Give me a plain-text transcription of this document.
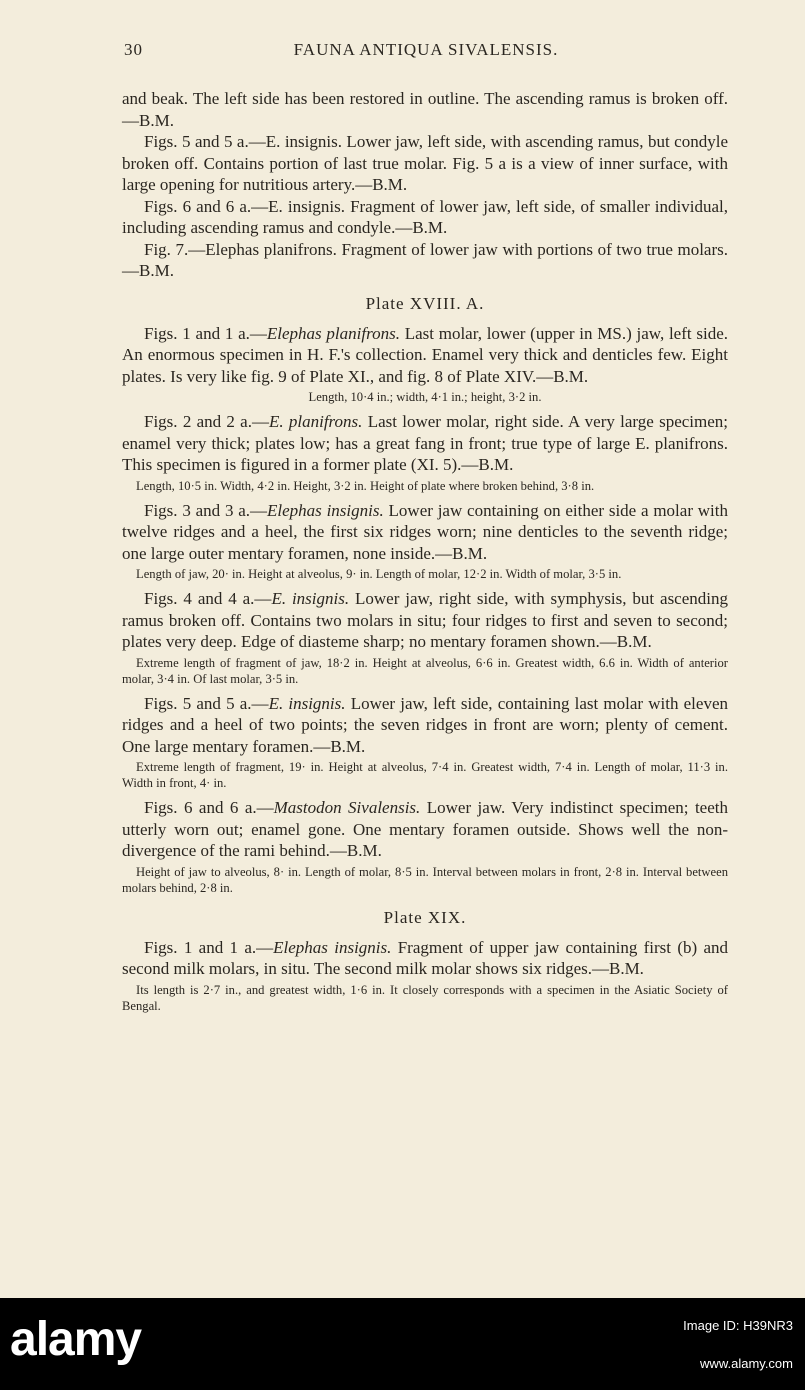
30	FAUNA ANTIQUA SIVALENSIS.

and beak. The left side has been restored in outline. The ascending ramus is broken off.—B.M.

Figs. 5 and 5 a.—E. insignis. Lower jaw, left side, with ascending ramus, but condyle broken off. Contains portion of last true molar. Fig. 5 a is a view of inner surface, with large opening for nutritious artery.—B.M.

Figs. 6 and 6 a.—E. insignis. Fragment of lower jaw, left side, of smaller individual, including ascending ramus and condyle.—B.M.

Fig. 7.—Elephas planifrons. Fragment of lower jaw with portions of two true molars.—B.M.

Plate XVIII. A.

Figs. 1 and 1 a.—Elephas planifrons. Last molar, lower (upper in MS.) jaw, left side. An enormous specimen in H. F.'s collection. Enamel very thick and denticles few. Eight plates. Is very like fig. 9 of Plate XI., and fig. 8 of Plate XIV.—B.M.

Length, 10·4 in.; width, 4·1 in.; height, 3·2 in.

Figs. 2 and 2 a.—E. planifrons. Last lower molar, right side. A very large specimen; enamel very thick; plates low; has a great fang in front; true type of large E. planifrons. This specimen is figured in a former plate (XI. 5).—B.M.

Length, 10·5 in. Width, 4·2 in. Height, 3·2 in. Height of plate where broken behind, 3·8 in.

Figs. 3 and 3 a.—Elephas insignis. Lower jaw containing on either side a molar with twelve ridges and a heel, the first six ridges worn; nine denticles to the seventh ridge; one large outer mentary foramen, none inside.—B.M.

Length of jaw, 20· in. Height at alveolus, 9· in. Length of molar, 12·2 in. Width of molar, 3·5 in.

Figs. 4 and 4 a.—E. insignis. Lower jaw, right side, with symphysis, but ascending ramus broken off. Contains two molars in situ; four ridges to first and seven to second; plates very deep. Edge of diasteme sharp; no mentary foramen shown.—B.M.

Extreme length of fragment of jaw, 18·2 in. Height at alveolus, 6·6 in. Greatest width, 6.6 in. Width of anterior molar, 3·4 in. Of last molar, 3·5 in.

Figs. 5 and 5 a.—E. insignis. Lower jaw, left side, containing last molar with eleven ridges and a heel of two points; the seven ridges in front are worn; plenty of cement. One large mentary foramen.—B.M.

Extreme length of fragment, 19· in. Height at alveolus, 7·4 in. Greatest width, 7·4 in. Length of molar, 11·3 in. Width in front, 4· in.

Figs. 6 and 6 a.—Mastodon Sivalensis. Lower jaw. Very indistinct specimen; teeth utterly worn out; enamel gone. One mentary foramen outside. Shows well the non-divergence of the rami behind.—B.M.

Height of jaw to alveolus, 8· in. Length of molar, 8·5 in. Interval between molars in front, 2·8 in. Interval between molars behind, 2·8 in.

Plate XIX.

Figs. 1 and 1 a.—Elephas insignis. Fragment of upper jaw containing first (b) and second milk molars, in situ. The second milk molar shows six ridges.—B.M.

Its length is 2·7 in., and greatest width, 1·6 in. It closely corresponds with a specimen in the Asiatic Society of Bengal.

alamy	Image ID: H39NR3
www.alamy.com
